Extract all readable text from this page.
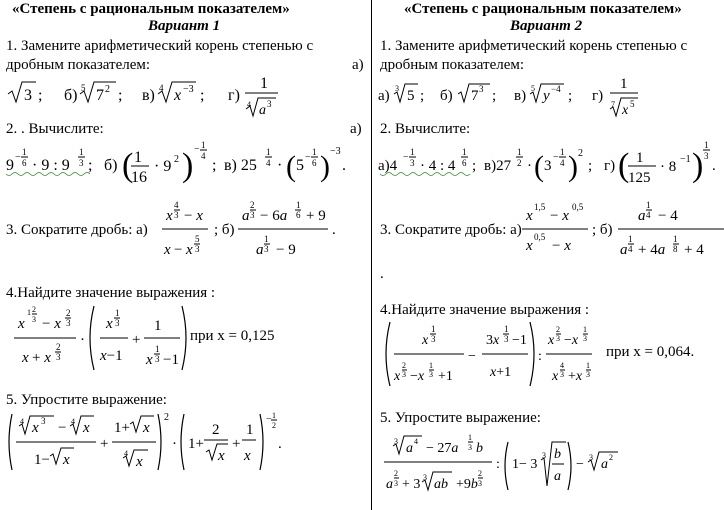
«Степень с рациональным показателем»
Вариант 1
1. Замените арифметический корень степенью с
дробным показателем:	а)
3 ; б) 5 7 2 ; в) 4 x −3 ; г)
1
4 a 3
2. . Вычислите:	а)
9 − 1
6 · 9 : 9
1
3 ; б) ( 1
16
· 9 2 ) − 1
4
; в) 25
1
4 · ( 5 − 1
6 ) −3
.
3. Сократите дробь: а)
x
4
3 − x
x − x
5
3
; б)
a
2
3 − 6a
1
6 + 9
a
1
3 − 9
.
4.Найдите значение выражения :
x
1 2
3 − x
2
3
x + x
2
3
·
x
1
3
x−1
+
1
x
1
3 −1
при x = 0,125
5. Упростите выражение:
4 x 3 − 4 x
1− x
+
1+ x
4
x
2
· 1+
2
x
+
1
x
− 1
2
.
«Степень с рациональным показателем»
Вариант 2
1. Замените арифметический корень степенью с
дробным показателем:
а) 3 5 ; б) 7 3 ; в) 5 y −4 ; г)
1
7 x 5
2. Вычислите:
а)4
− 1
3 · 4 : 4
1
6 ; в)27
1
2 · ( 3
− 1
4 ) 2
; г) ( 1
125
· 8 −1 )
1
3
.
3. Сократите дробь: а)
x
1,5
− x
0,5
x
0,5
− x
; б)
a
1
4 − 4
a
1
4 + 4a
1
8 + 4
.
4.Найдите значение выражения :
x
1
3
x
2
3 −x
1
3 +1
−
3x
1
3 −1
x+1
:
x
2
3 −x
1
3
x
4
3 +x
1
3
при x = 0,064.
5. Упростите выражение:
3 a 4 − 27a
1
3 b
a
2
3 + 3 3 ab +9b
2
3
: 1− 3
3 b
a
− 3 a 2
